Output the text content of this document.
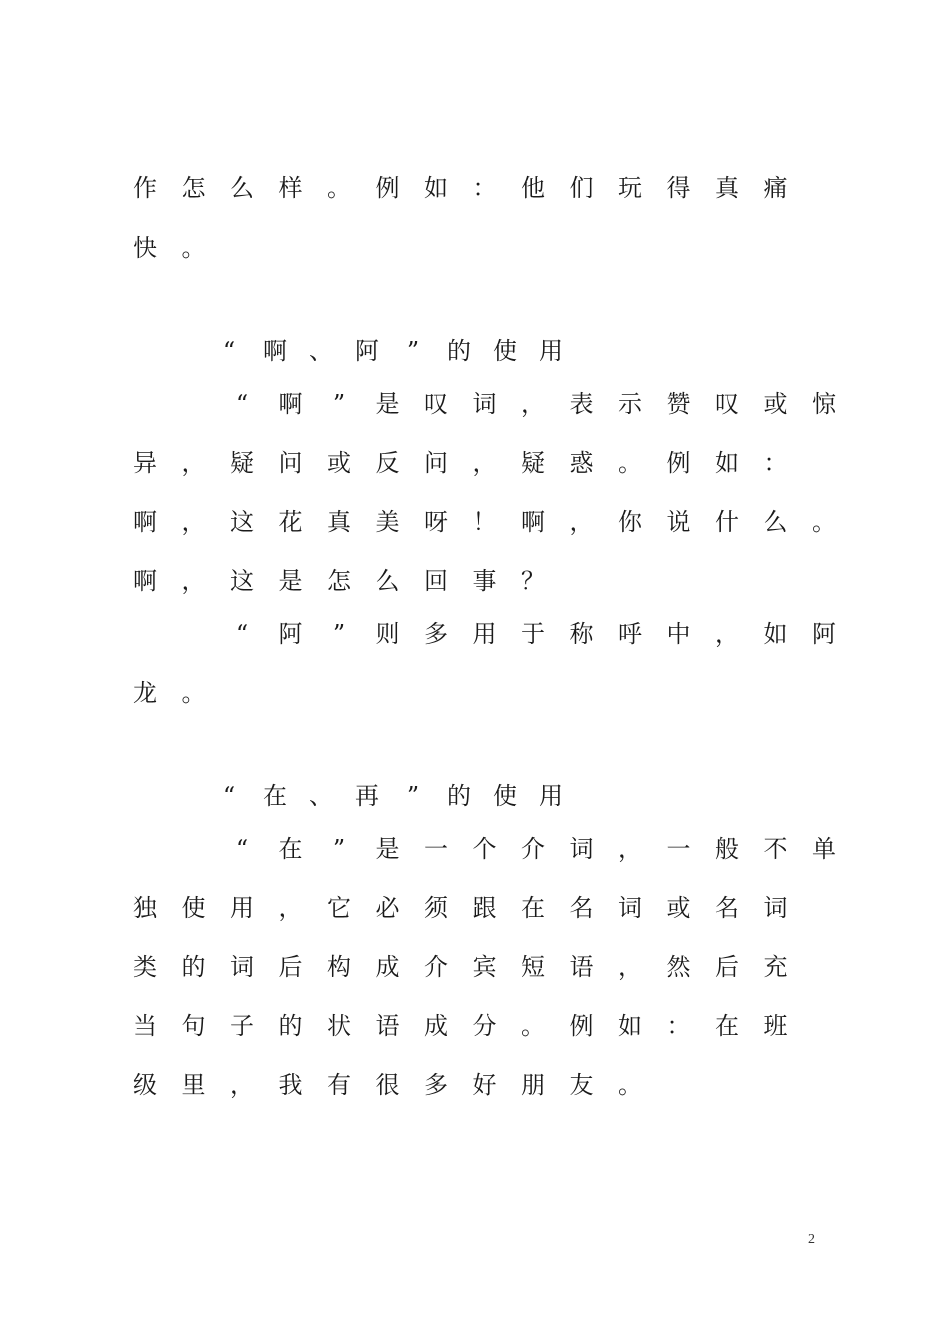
作 怎 么 样 。 例 如 ： 他 们 玩 得 真 痛
快 。
“	啊 、 阿	”	的 使 用
“	啊	”	是 叹 词 ， 表 示 赞 叹 或 惊
异 ， 疑 问 或 反 问 ， 疑 惑 。 例 如 ：
啊 ， 这 花 真 美 呀 ！ 啊 ， 你 说 什 么 。
啊 ， 这 是 怎 么 回 事 ？
“	阿	”	则 多 用 于 称 呼 中 ， 如 阿
龙 。
“	在 、 再	”	的 使 用
“	在	”	是 一 个 介 词 ， 一 般 不 单
独 使 用 ， 它 必 须 跟 在 名 词 或 名 词
类 的 词 后 构 成 介 宾 短 语 ， 然 后 充
当 句 子 的 状 语 成 分 。 例 如 ： 在 班
级 里 ， 我 有 很 多 好 朋 友 。
2
